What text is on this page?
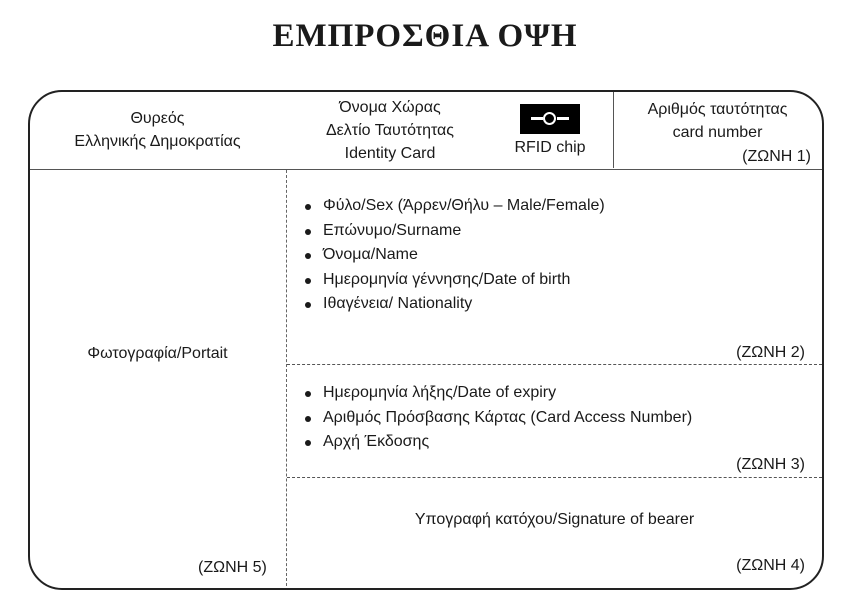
ΕΜΠΡΟΣΘΙΑ ΟΨΗ
Θυρεός
Ελληνικής Δημοκρατίας
Όνομα Χώρας
Δελτίο Ταυτότητας
Identity Card	RFID chip
Αριθμός ταυτότητας
card number
(ΖΩΝΗ 1)
Φωτογραφία/Portait
(ΖΩΝΗ 5)
Φύλο/Sex (Άρρεν/Θήλυ – Male/Female)
Επώνυμο/Surname
Όνομα/Name
Ημερομηνία γέννησης/Date of birth
Ιθαγένεια/ Nationality
(ΖΩΝΗ 2)
Ημερομηνία λήξης/Date of expiry
Αριθμός Πρόσβασης Κάρτας (Card Access Number)
Αρχή Έκδοσης
(ΖΩΝΗ 3)
Υπογραφή κατόχου/Signature of bearer
(ΖΩΝΗ 4)
